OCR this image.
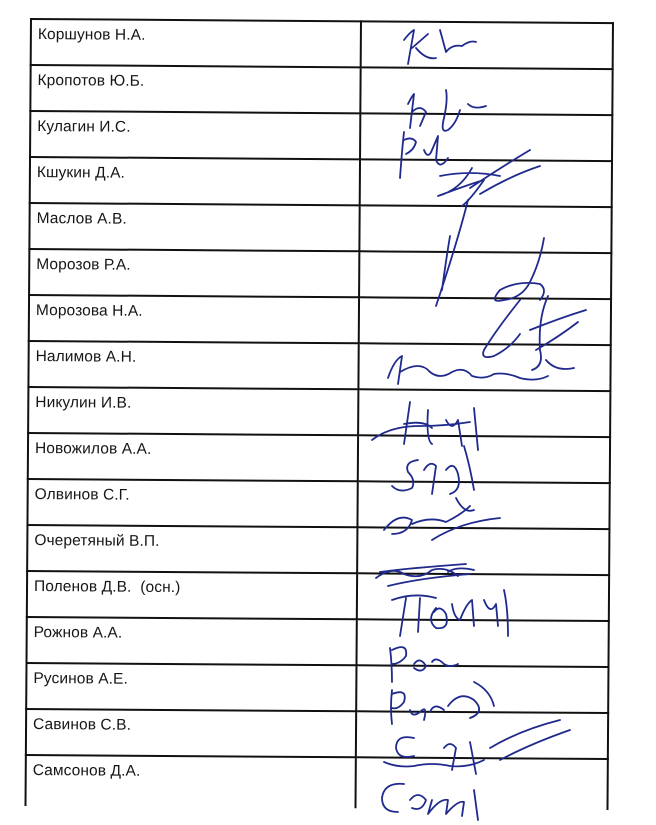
Коршунов Н.А.	

Кропотов Ю.Б.	

Кулагин И.С.	

Кшукин Д.А.	

Маслов А.В.	

Морозов Р.А.	

Морозова Н.А.	

Налимов А.Н.	

Никулин И.В.	

Новожилов А.А.	

Олвинов С.Г.	

Очеретяный В.П.	

Поленов Д.В.  (осн.)	

Рожнов А.А.	

Русинов А.Е.	

Савинов С.В.	

Самсонов Д.А.	
